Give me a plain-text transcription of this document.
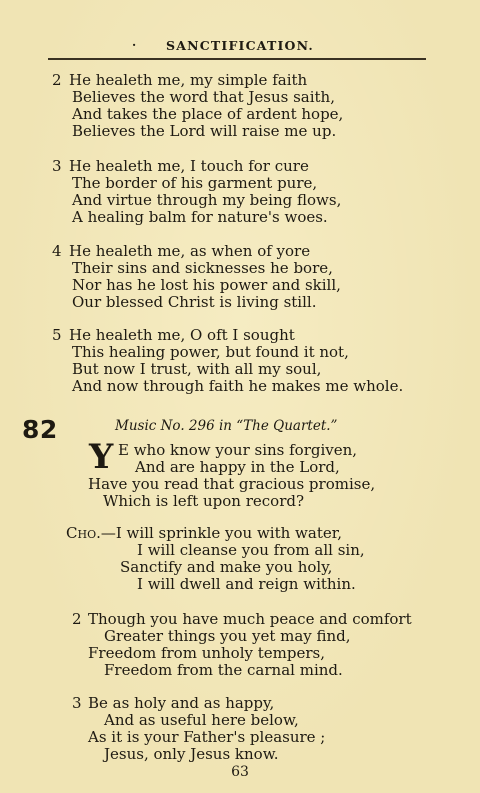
· SANCTIFICATION.
2 He healeth me, my simple faith
Believes the word that Jesus saith,
And takes the place of ardent hope,
Believes the Lord will raise me up.
3 He healeth me, I touch for cure
The border of his garment pure,
And virtue through my being flows,
A healing balm for nature's woes.
4 He healeth me, as when of yore
Their sins and sicknesses he bore,
Nor has he lost his power and skill,
Our blessed Christ is living still.
5 He healeth me, O oft I sought
This healing power, but found it not,
But now I trust, with all my soul,
And now through faith he makes me whole.
82	Music No. 296 in “The Quartet.”
Y E who know your sins forgiven,
And are happy in the Lord,
Have you read that gracious promise,
Which is left upon record?
Cho.—I will sprinkle you with water,
I will cleanse you from all sin,
Sanctify and make you holy,
I will dwell and reign within.
2 Though you have much peace and comfort
Greater things you yet may find,
Freedom from unholy tempers,
Freedom from the carnal mind.
3 Be as holy and as happy,
And as useful here below,
As it is your Father's pleasure ;
Jesus, only Jesus know.
63
